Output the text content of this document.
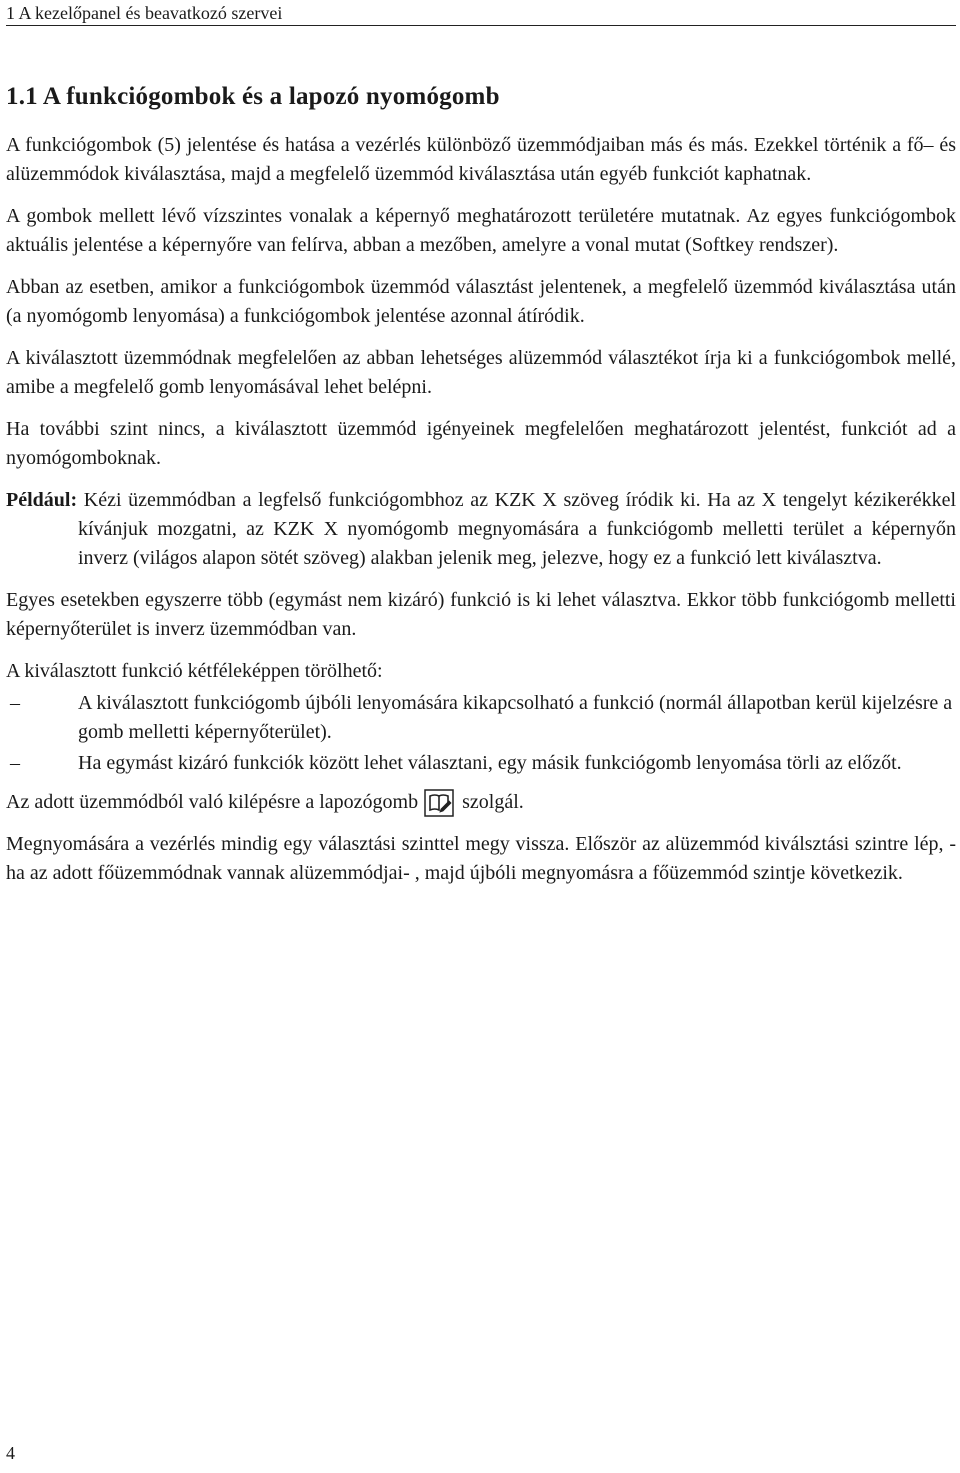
1 A kezelőpanel és beavatkozó szervei
1.1 A funkciógombok és a lapozó nyomógomb

A funkciógombok (5) jelentése és hatása a vezérlés különböző üzemmódjaiban más és más. Ezekkel történik a fő– és alüzemmódok kiválasztása, majd a megfelelő üzemmód kiválasztása után egyéb funkciót kaphatnak.

A gombok mellett lévő vízszintes vonalak a képernyő meghatározott területére mutatnak. Az egyes funkciógombok aktuális jelentése a képernyőre van felírva, abban a mezőben, amelyre a vonal mutat (Softkey rendszer).

Abban az esetben, amikor a funkciógombok üzemmód választást jelentenek, a megfelelő üzemmód kiválasztása után (a nyomógomb lenyomása) a funkciógombok jelentése azonnal átíródik.

A kiválasztott üzemmódnak megfelelően az abban lehetséges alüzemmód választékot írja ki a funkciógombok mellé, amibe a megfelelő gomb lenyomásával lehet belépni.

Ha további szint nincs, a kiválasztott üzemmód igényeinek megfelelően meghatározott jelentést, funkciót ad a nyomógomboknak.

Például: Kézi üzemmódban a legfelső funkciógombhoz az KZK X szöveg íródik ki. Ha az X tengelyt kézikerékkel kívánjuk mozgatni, az KZK X nyomógomb megnyomására a funkciógomb melletti terület a képernyőn inverz (világos alapon sötét szöveg) alakban jelenik meg, jelezve, hogy ez a funkció lett kiválasztva.

Egyes esetekben egyszerre több (egymást nem kizáró) funkció is ki lehet választva. Ekkor több funkciógomb melletti képernyőterület is inverz üzemmódban van.

A kiválasztott funkció kétféleképpen törölhető:

–	A kiválasztott funkciógomb újbóli lenyomására kikapcsolható a funkció (normál állapotban kerül kijelzésre a gomb melletti képernyőterület).
–	Ha egymást kizáró funkciók között lehet választani, egy másik funkciógomb lenyomása törli az előzőt.
Az adott üzemmódból való kilépésre a lapozógomb szolgál.

Megnyomására a vezérlés mindig egy választási szinttel megy vissza. Először az alüzemmód kiválsztási szintre lép, -ha az adott főüzemmódnak vannak alüzemmódjai- , majd újbóli megnyomásra a főüzemmód szintje következik.

4
